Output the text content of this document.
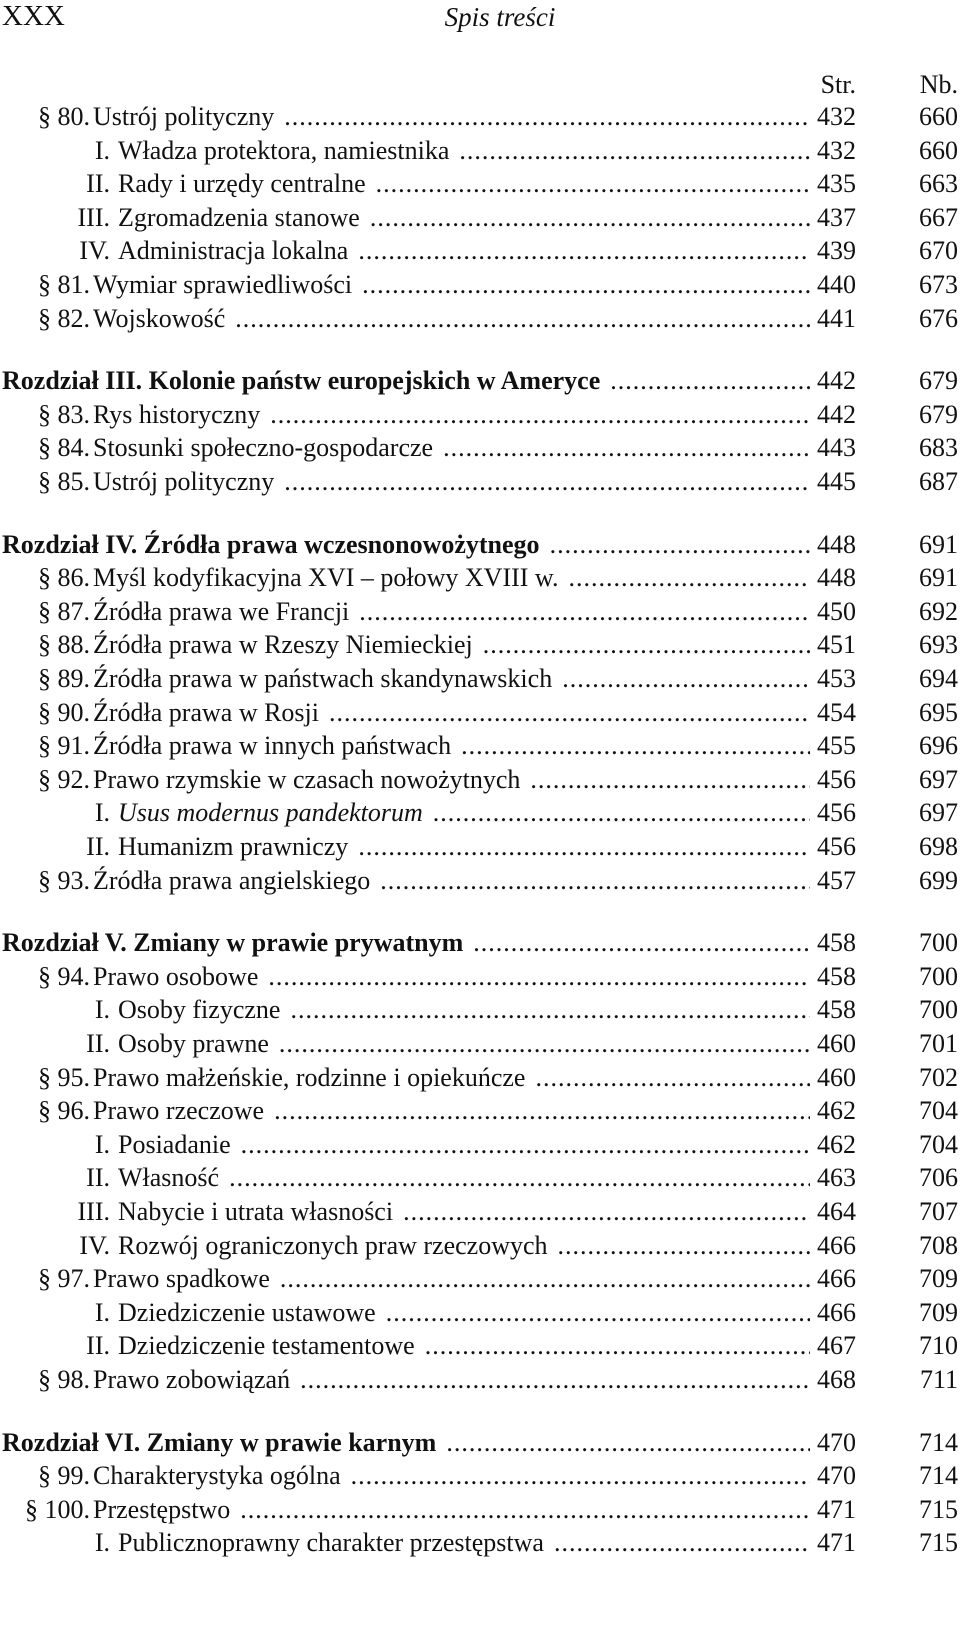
XXX	Spis treści
Str.	Nb.
§ 80. Ustrój polityczny .....	432	660
I. Władza protektora, namiestnika .....	432	660
II. Rady i urzędy centralne .....	435	663
III. Zgromadzenia stanowe .....	437	667
IV. Administracja lokalna .....	439	670
§ 81. Wymiar sprawiedliwości .....	440	673
§ 82. Wojskowość .....	441	676
Rozdział III. Kolonie państw europejskich w Ameryce .....	442	679
§ 83. Rys historyczny .....	442	679
§ 84. Stosunki społeczno-gospodarcze .....	443	683
§ 85. Ustrój polityczny .....	445	687
Rozdział IV. Źródła prawa wczesnonowożytnego .....	448	691
§ 86. Myśl kodyfikacyjna XVI – połowy XVIII w. .....	448	691
§ 87. Źródła prawa we Francji .....	450	692
§ 88. Źródła prawa w Rzeszy Niemieckiej .....	451	693
§ 89. Źródła prawa w państwach skandynawskich .....	453	694
§ 90. Źródła prawa w Rosji .....	454	695
§ 91. Źródła prawa w innych państwach .....	455	696
§ 92. Prawo rzymskie w czasach nowożytnych .....	456	697
I. Usus modernus pandektorum .....	456	697
II. Humanizm prawniczy .....	456	698
§ 93. Źródła prawa angielskiego .....	457	699
Rozdział V. Zmiany w prawie prywatnym .....	458	700
§ 94. Prawo osobowe .....	458	700
I. Osoby fizyczne .....	458	700
II. Osoby prawne .....	460	701
§ 95. Prawo małżeńskie, rodzinne i opiekuńcze .....	460	702
§ 96. Prawo rzeczowe .....	462	704
I. Posiadanie .....	462	704
II. Własność .....	463	706
III. Nabycie i utrata własności .....	464	707
IV. Rozwój ograniczonych praw rzeczowych .....	466	708
§ 97. Prawo spadkowe .....	466	709
I. Dziedziczenie ustawowe .....	466	709
II. Dziedziczenie testamentowe .....	467	710
§ 98. Prawo zobowiązań .....	468	711
Rozdział VI. Zmiany w prawie karnym .....	470	714
§ 99. Charakterystyka ogólna .....	470	714
§ 100. Przestępstwo .....	471	715
I. Publicznoprawny charakter przestępstwa .....	471	715
